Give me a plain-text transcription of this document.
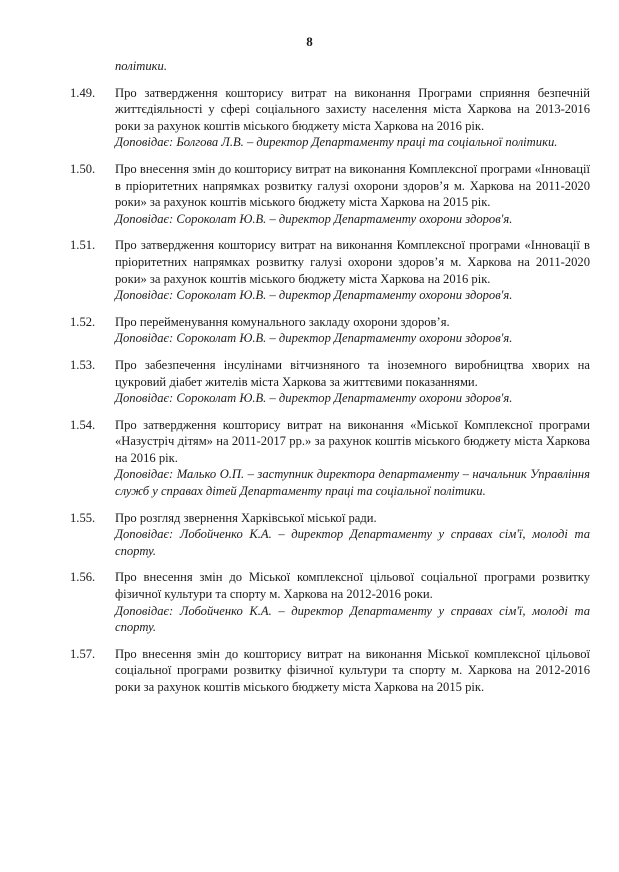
8
політики.
1.49.	Про затвердження кошторису витрат на виконання Програми сприяння безпечній життєдіяльності у сфері соціального захисту населення міста Харкова на 2013-2016 роки за рахунок коштів міського бюджету міста Харкова на 2016 рік.
Доповідає: Болгова Л.В. – директор Департаменту праці та соціальної політики.
1.50.	Про внесення змін до кошторису витрат на виконання Комплексної програми «Інновації в пріоритетних напрямках розвитку галузі охорони здоров’я м. Харкова на 2011-2020 роки» за рахунок коштів міського бюджету міста Харкова на 2015 рік.
Доповідає: Сороколат Ю.В. – директор Департаменту охорони здоров'я.
1.51.	Про затвердження кошторису витрат на виконання Комплексної програми «Інновації в пріоритетних напрямках розвитку галузі охорони здоров’я м. Харкова на 2011-2020 роки» за рахунок коштів міського бюджету міста Харкова на 2016 рік.
Доповідає: Сороколат Ю.В. – директор Департаменту охорони здоров'я.
1.52.	Про перейменування комунального закладу охорони здоров’я.
Доповідає: Сороколат Ю.В. – директор Департаменту охорони здоров'я.
1.53.	Про забезпечення інсулінами вітчизняного та іноземного виробництва хворих на цукровий діабет жителів міста Харкова за життєвими показаннями.
Доповідає: Сороколат Ю.В. – директор Департаменту охорони здоров'я.
1.54.	Про затвердження кошторису витрат на виконання «Міської Комплексної програми «Назустріч дітям» на 2011-2017 рр.» за рахунок коштів міського бюджету міста Харкова на 2016 рік.
Доповідає: Малько О.П. – заступник директора департаменту – начальник Управління служб у справах дітей Департаменту праці та соціальної політики.
1.55.	Про розгляд звернення Харківської міської ради.
Доповідає: Лобойченко К.А. – директор Департаменту у справах сім'ї, молоді та спорту.
1.56.	Про внесення змін до Міської комплексної цільової соціальної програми розвитку фізичної культури та спорту м. Харкова на 2012-2016 роки.
Доповідає: Лобойченко К.А. – директор Департаменту у справах сім'ї, молоді та спорту.
1.57.	Про внесення змін до кошторису витрат на виконання Міської комплексної цільової соціальної програми розвитку фізичної культури та спорту м. Харкова на 2012-2016 роки за рахунок коштів міського бюджету міста Харкова на 2015 рік.
